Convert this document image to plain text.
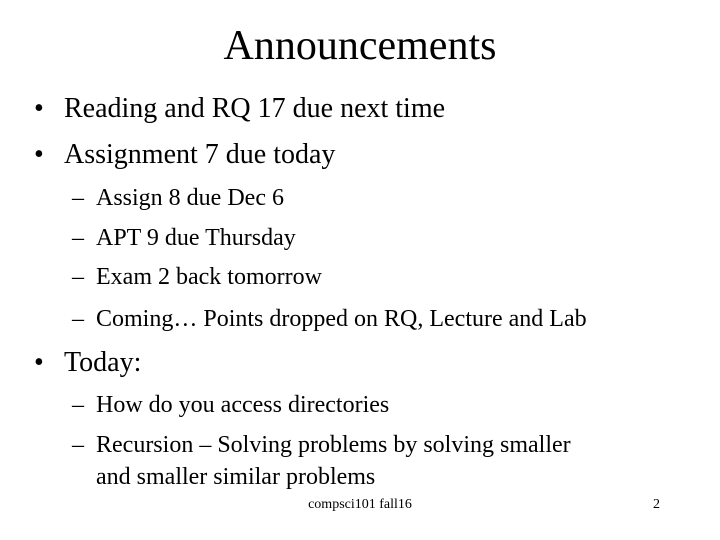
Announcements
• Reading and RQ 17 due next time
• Assignment 7 due today
– Assign 8 due Dec 6
– APT 9 due Thursday
– Exam 2 back tomorrow
– Coming… Points dropped on RQ, Lecture and Lab
• Today:
– How do you access directories
– Recursion – Solving problems by solving smaller
and smaller similar problems
compsci101 fall16	2
